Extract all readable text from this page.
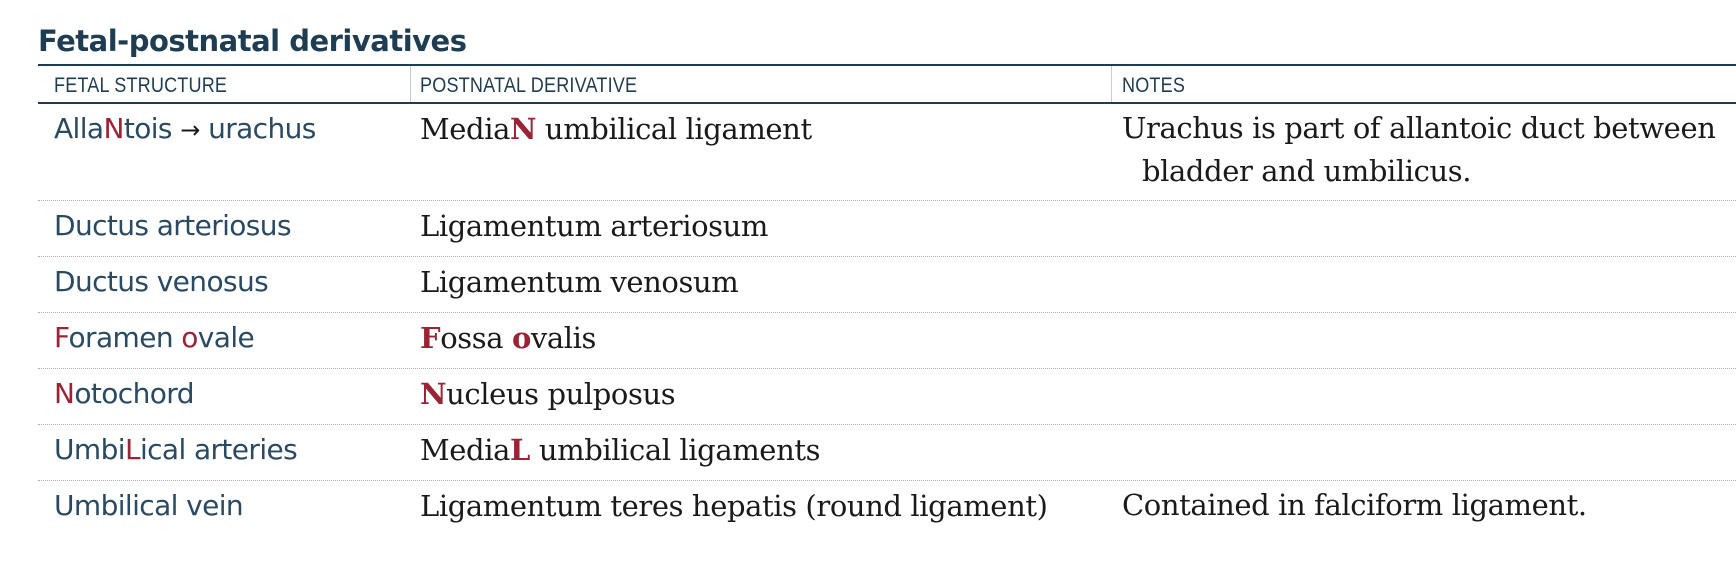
Fetal-postnatal derivatives
FETAL STRUCTURE	POSTNATAL DERIVATIVE	NOTES
AllaNtois → urachus	MediaN umbilical ligament	Urachus is part of allantoic duct between bladder and umbilicus.
Ductus arteriosus	Ligamentum arteriosum
Ductus venosus	Ligamentum venosum
Foramen ovale	Fossa ovalis
Notochord	Nucleus pulposus
UmbiLical arteries	MediaL umbilical ligaments
Umbilical vein	Ligamentum teres hepatis (round ligament)	Contained in falciform ligament.
